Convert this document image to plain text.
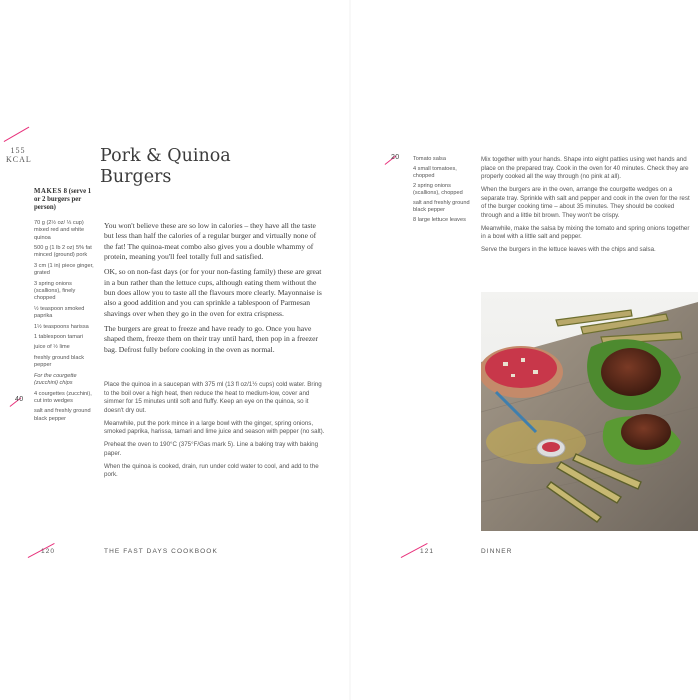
155
KCAL	Pork & Quinoa Burgers
MAKES 8 (serve 1 or 2 burgers per person)
70 g (2½ oz/ ⅓ cup) mixed red and white quinoa
500 g (1 lb 2 oz) 5% fat minced (ground) pork
3 cm (1 in) piece ginger, grated
3 spring onions (scallions), finely chopped
½ teaspoon smoked paprika
1½ teaspoons harissa
1 tablespoon tamari
juice of ½ lime
freshly ground black pepper
For the courgette (zucchini) chips
4 courgettes (zucchini), cut into wedges
salt and freshly ground black pepper
40

You won't believe these are so low in calories – they have all the taste but less than half the calories of a regular burger and virtually none of the fat! The quinoa-meat combo also gives you a double whammy of protein, meaning you'll feel totally full and satisfied.

OK, so on non-fast days (or for your non-fasting family) these are great in a bun rather than the lettuce cups, although eating them without the bun does allow you to taste all the flavours more clearly. Mayonnaise is also a good addition and you can sprinkle a tablespoon of Parmesan shavings over when they go in the oven for extra crispness.

The burgers are great to freeze and have ready to go. Once you have shaped them, freeze them on their tray until hard, then pop in a freezer bag. Defrost fully before cooking in the oven as normal.

Place the quinoa in a saucepan with 375 ml (13 fl oz/1½ cups) cold water. Bring to the boil over a high heat, then reduce the heat to medium-low, cover and simmer for 15 minutes until soft and fluffy. Keep an eye on the quinoa, so it doesn't dry out.

Meanwhile, put the pork mince in a large bowl with the ginger, spring onions, smoked paprika, harissa, tamari and lime juice and season with pepper (no salt).

Preheat the oven to 190°C (375°F/Gas mark 5). Line a baking tray with baking paper.

When the quinoa is cooked, drain, run under cold water to cool, and add to the pork.

120	THE FAST DAYS COOKBOOK
20 Tomato salsa
4 small tomatoes, chopped
2 spring onions (scallions), chopped
salt and freshly ground black pepper
8 large lettuce leaves

Mix together with your hands. Shape into eight patties using wet hands and place on the prepared tray. Cook in the oven for 40 minutes. Check they are properly cooked all the way through (no pink at all).

When the burgers are in the oven, arrange the courgette wedges on a separate tray. Sprinkle with salt and pepper and cook in the oven for the rest of the burger cooking time – about 35 minutes. They should be cooked through and a little bit brown. They won't be crispy.

Meanwhile, make the salsa by mixing the tomato and spring onions together in a bowl with a little salt and pepper.

Serve the burgers in the lettuce leaves with the chips and salsa.

121	DINNER
